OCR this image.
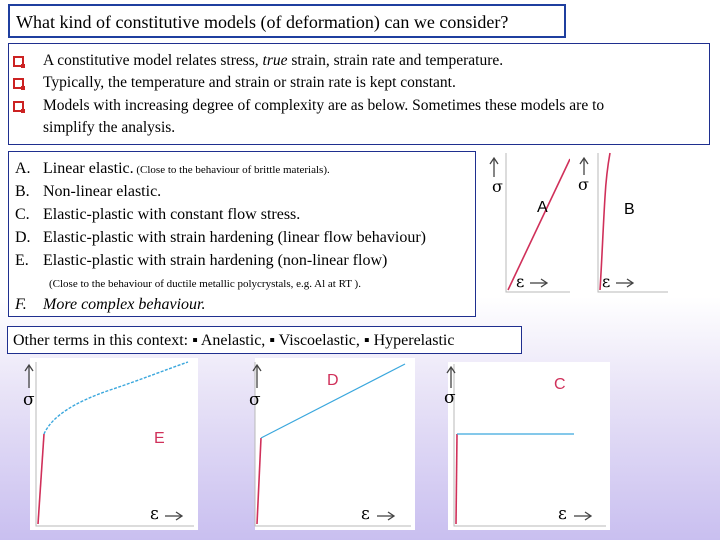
What kind of constitutive models (of deformation) can we consider?
A constitutive model relates stress, true strain, strain rate and temperature.
Typically, the temperature and strain or strain rate is kept constant.
Models with increasing degree of complexity are as below. Sometimes these models are to
simplify the analysis.
A. Linear elastic. (Close to the behaviour of brittle materials).
B. Non-linear elastic.
C. Elastic-plastic with constant flow stress.
D. Elastic-plastic with strain hardening (linear flow behaviour)
E. Elastic-plastic with strain hardening (non-linear flow)
(Close to the behaviour of ductile metallic polycrystals, e.g. Al at RT ).
F. More complex behaviour.
Other terms in this context: ▪ Anelastic, ▪ Viscoelastic, ▪ Hyperelastic
σ
ε
A
σ
ε
B
σ
ε
E
σ
ε
D
σ
ε
C
